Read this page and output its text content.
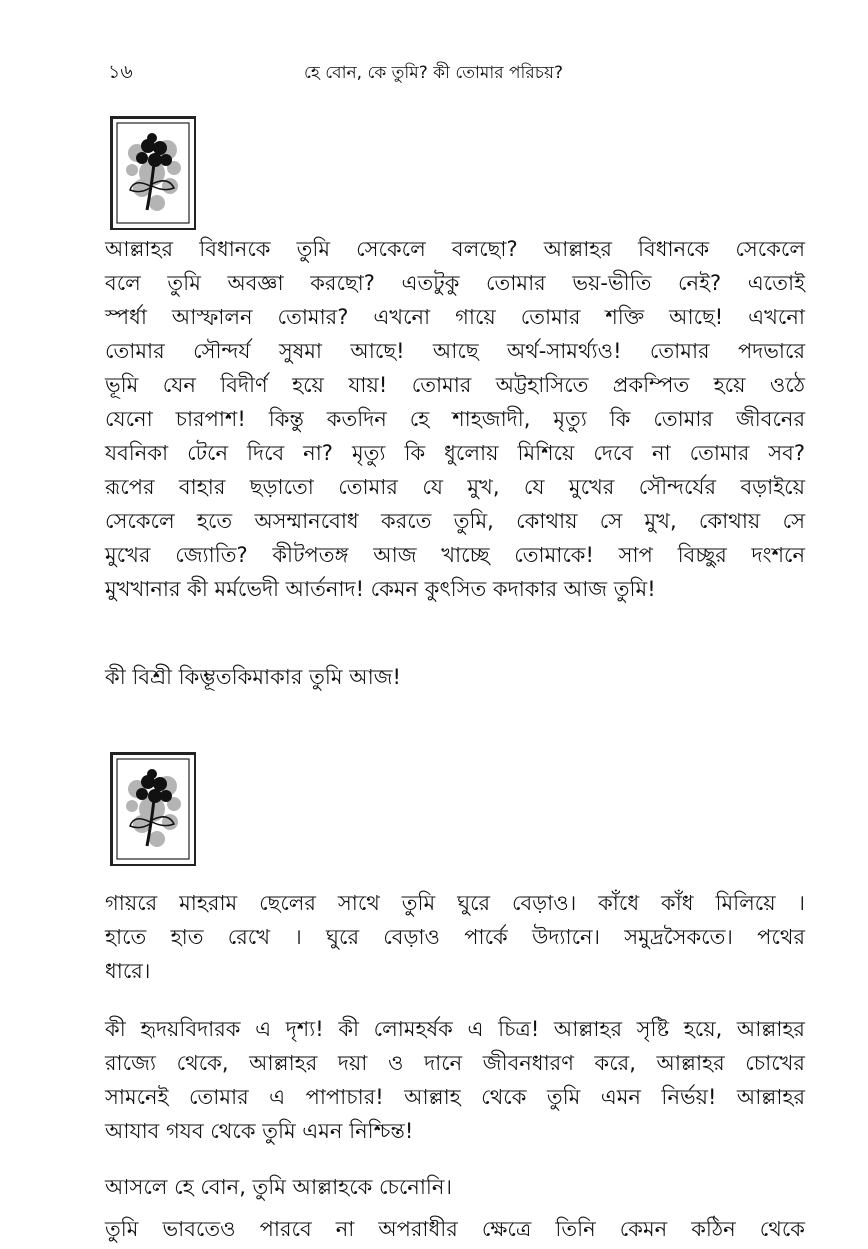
১৬	হে বোন, কে তুমি? কী তোমার পরিচয়?
আল্লাহর বিধানকে তুমি সেকেলে বলছো? আল্লাহর বিধানকে সেকেলে
বলে তুমি অবজ্ঞা করছো? এতটুকু তোমার ভয়-ভীতি নেই? এতোই
স্পর্ধা আস্ফালন তোমার? এখনো গায়ে তোমার শক্তি আছে! এখনো
তোমার সৌন্দর্য সুষমা আছে! আছে অর্থ-সামর্থ্যও! তোমার পদভারে
ভূমি যেন বিদীর্ণ হয়ে যায়! তোমার অট্টহাসিতে প্রকম্পিত হয়ে ওঠে
যেনো চারপাশ! কিন্তু কতদিন হে শাহজাদী, মৃত্যু কি তোমার জীবনের
যবনিকা টেনে দিবে না? মৃত্যু কি ধুলোয় মিশিয়ে দেবে না তোমার সব?
রূপের বাহার ছড়াতো তোমার যে মুখ, যে মুখের সৌন্দর্যের বড়াইয়ে
সেকেলে হতে অসম্মানবোধ করতে তুমি, কোথায় সে মুখ, কোথায় সে
মুখের জ্যোতি? কীটপতঙ্গ আজ খাচ্ছে তোমাকে! সাপ বিচ্ছুর দংশনে
মুখখানার কী মর্মভেদী আর্তনাদ! কেমন কুৎসিত কদাকার আজ তুমি!
কী বিশ্রী কিম্ভূতকিমাকার তুমি আজ!
গায়রে মাহরাম ছেলের সাথে তুমি ঘুরে বেড়াও। কাঁধে কাঁধ মিলিয়ে ।
হাতে হাত রেখে । ঘুরে বেড়াও পার্কে উদ্যানে। সমুদ্রসৈকতে। পথের
ধারে।
কী হৃদয়বিদারক এ দৃশ্য! কী লোমহর্ষক এ চিত্র! আল্লাহর সৃষ্টি হয়ে, আল্লাহর
রাজ্যে থেকে, আল্লাহর দয়া ও দানে জীবনধারণ করে, আল্লাহর চোখের
সামনেই তোমার এ পাপাচার! আল্লাহ থেকে তুমি এমন নির্ভয়! আল্লাহর
আযাব গযব থেকে তুমি এমন নিশ্চিন্ত!
আসলে হে বোন, তুমি আল্লাহকে চেনোনি।
তুমি ভাবতেও পারবে না অপরাধীর ক্ষেত্রে তিনি কেমন কঠিন থেকে
